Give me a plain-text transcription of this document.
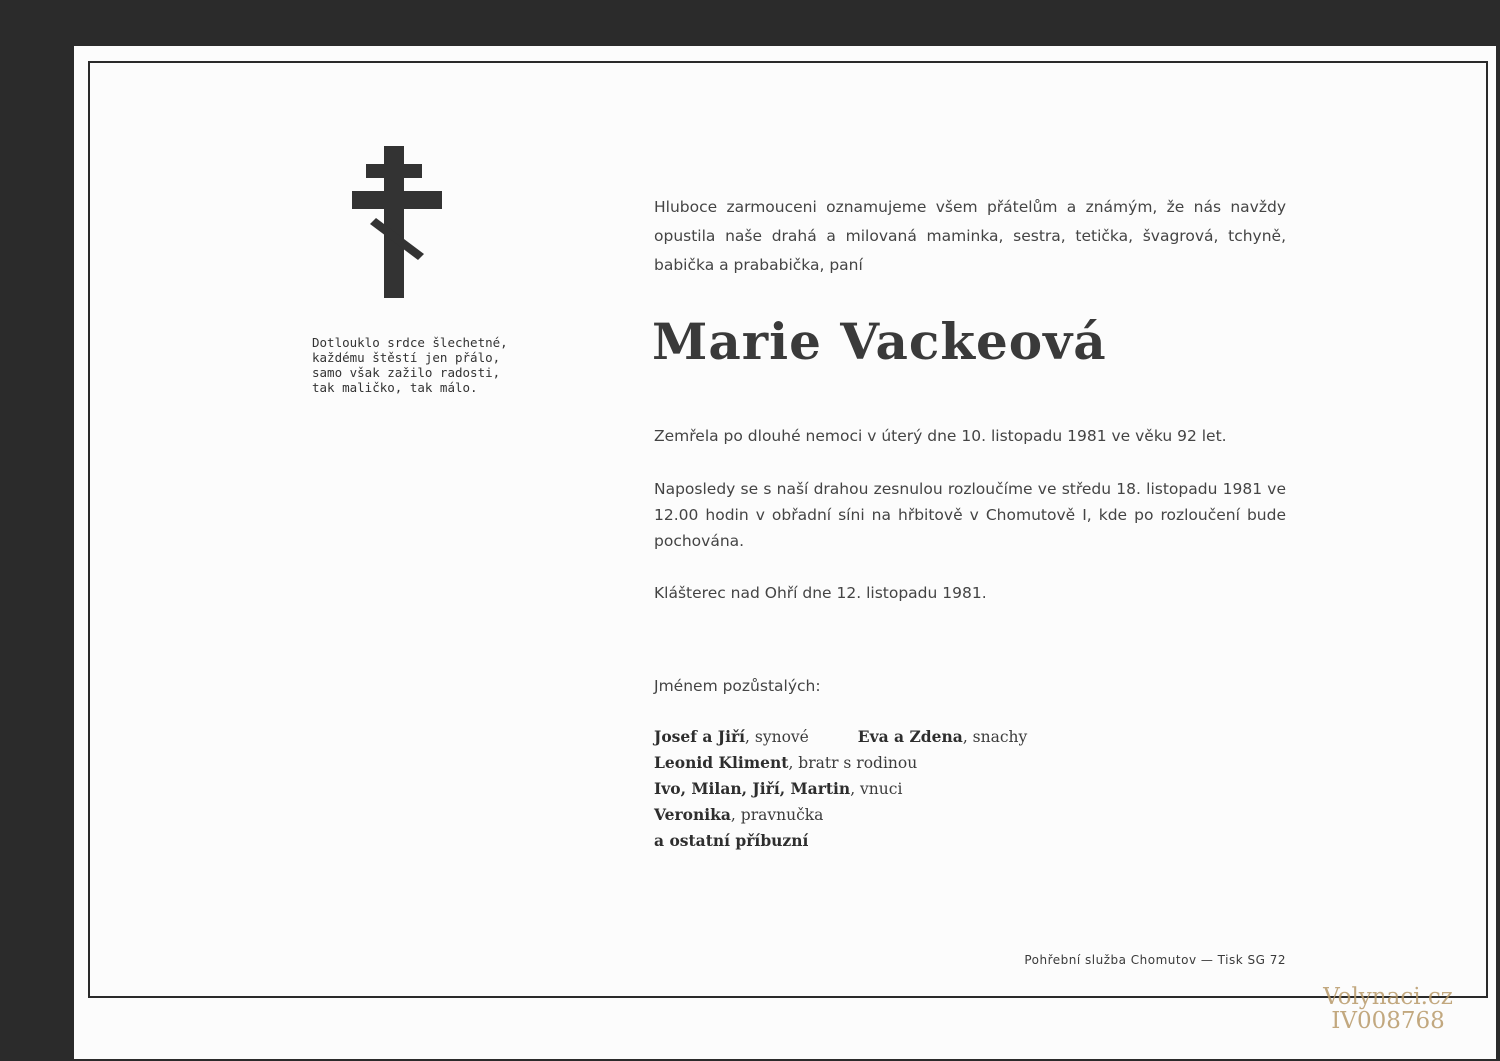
Dotlouklo srdce šlechetné,
každému štěstí jen přálo,
samo však zažilo radosti,
tak maličko, tak málo.
Hluboce zarmouceni oznamujeme všem přátelům a známým, že nás navždy opustila naše drahá a milovaná maminka, sestra, tetička, švagrová, tchyně, babička a prababička, paní
Marie Vackeová
Zemřela po dlouhé nemoci v úterý dne 10. listopadu 1981 ve věku 92 let.
Naposledy se s naší drahou zesnulou rozloučíme ve středu 18. listopadu 1981 ve 12.00 hodin v obřadní síni na hřbitově v Chomutově I, kde po rozloučení bude pochována.
Klášterec nad Ohří dne 12. listopadu 1981.
Jménem pozůstalých:
Josef a Jiří, synové	Eva a Zdena, snachy
Leonid Kliment, bratr s rodinou
Ivo, Milan, Jiří, Martin, vnuci
Veronika, pravnučka
a ostatní příbuzní
Pohřební služba Chomutov — Tisk SG 72
Volynaci.cz
IV008768
